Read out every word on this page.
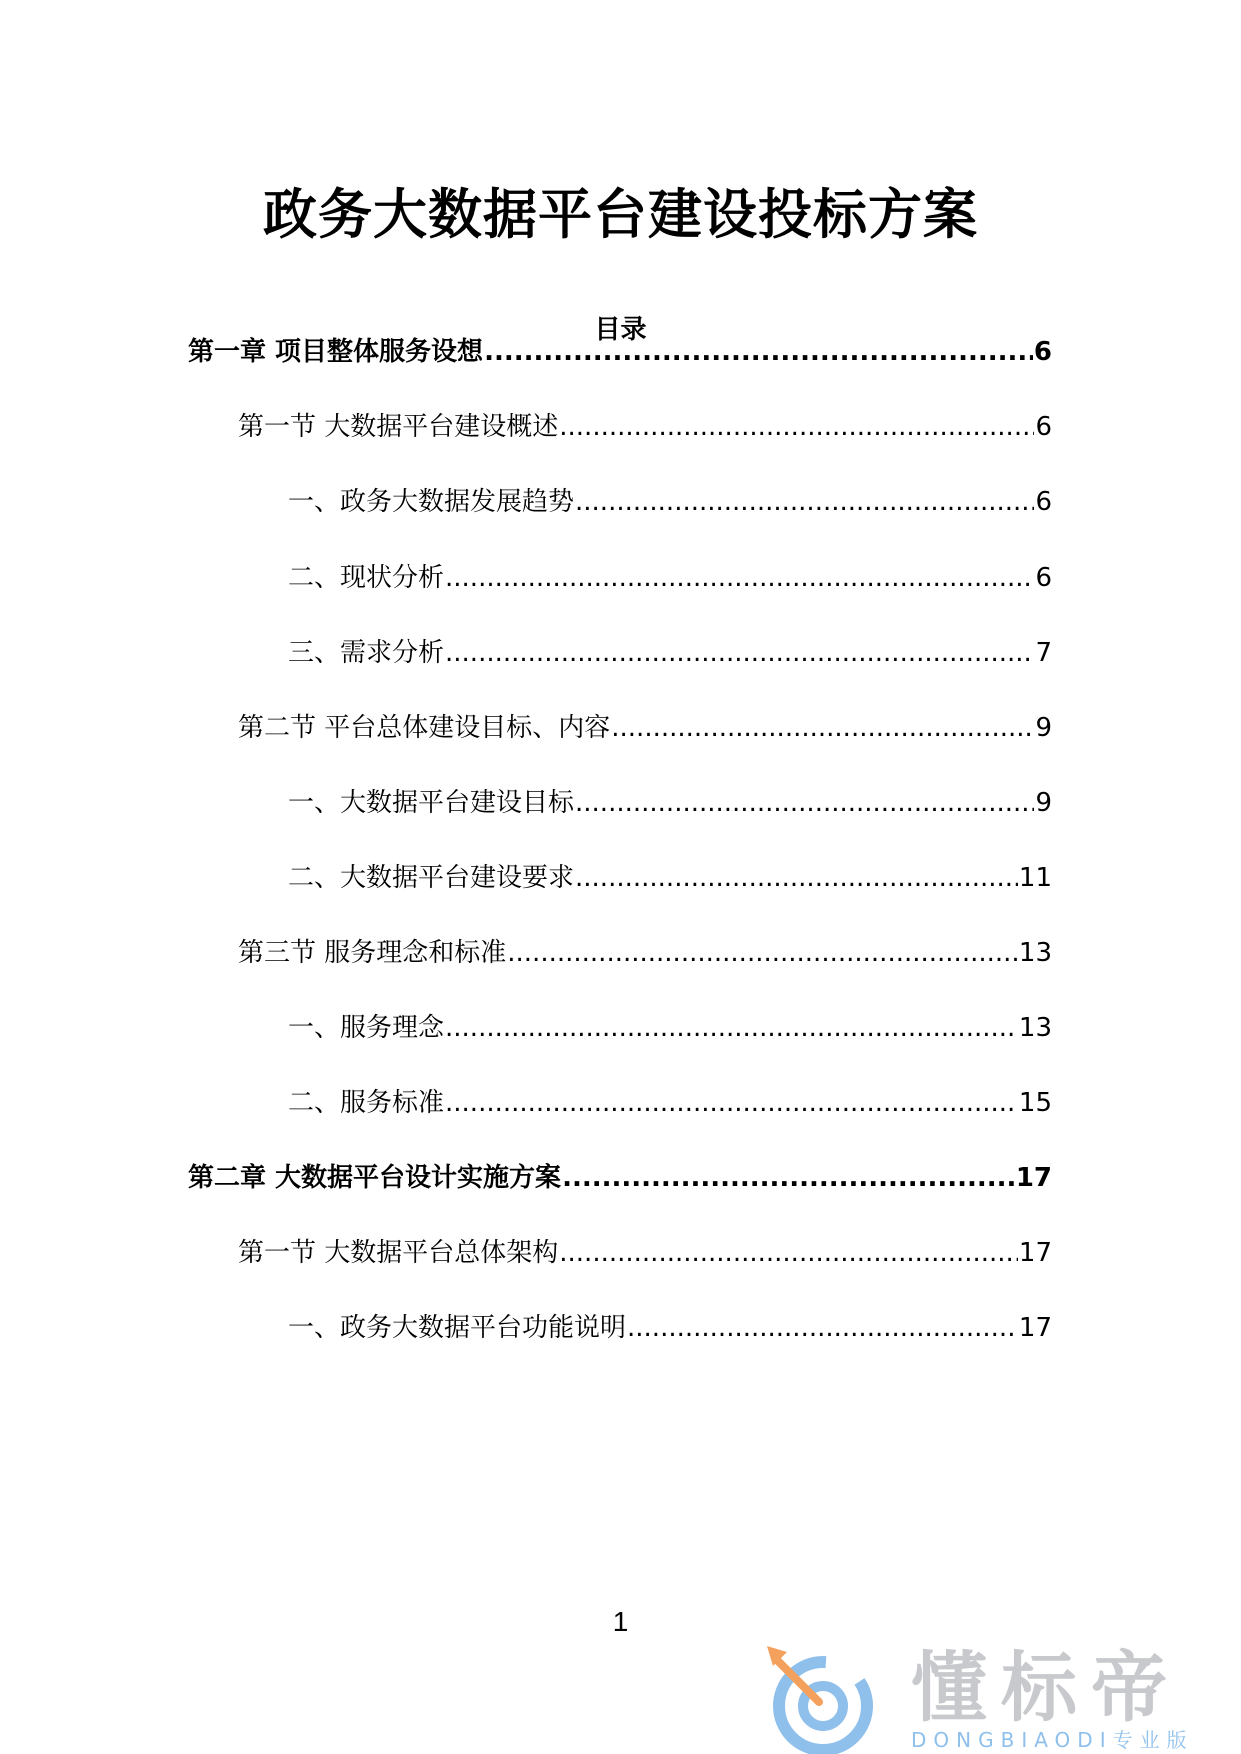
政务大数据平台建设投标方案
目录
第一章 项目整体服务设想 .....	6
第一节 大数据平台建设概述 .....	6
一、政务大数据发展趋势 .....	6
二、现状分析 .....	6
三、需求分析 .....	7
第二节 平台总体建设目标、内容 .....	9
一、大数据平台建设目标 .....	9
二、大数据平台建设要求 .....	11
第三节 服务理念和标准 .....	13
一、服务理念 .....	13
二、服务标准 .....	15
第二章 大数据平台设计实施方案 .....	17
第一节 大数据平台总体架构 .....	17
一、政务大数据平台功能说明 .....	17
1
懂标帝
DONGBIAODI专业版
